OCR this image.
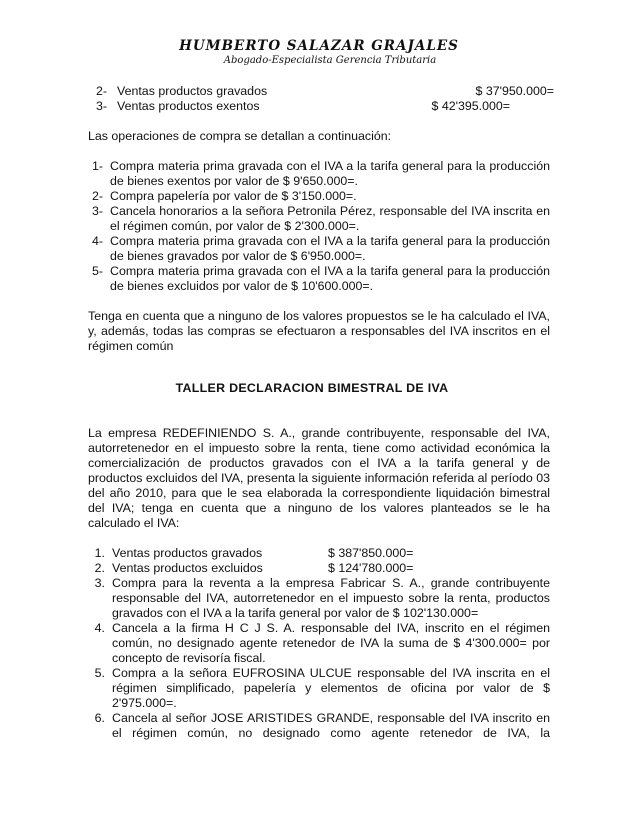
HUMBERTO SALAZAR GRAJALES
Abogado-Especialista Gerencia Tributaria
2- Ventas productos gravados	$ 37'950.000=
3- Ventas productos exentos	$ 42'395.000=

Las operaciones de compra se detallan a continuación:

1- Compra materia prima gravada con el IVA a la tarifa general para la producción de bienes exentos por valor de $ 9'650.000=.
2- Compra papelería por valor de $ 3'150.000=.
3- Cancela honorarios a la señora Petronila Pérez, responsable del IVA inscrita en el régimen común, por valor de $ 2'300.000=.
4- Compra materia prima gravada con el IVA a la tarifa general para la producción de bienes gravados por valor de $ 6'950.000=.
5- Compra materia prima gravada con el IVA a la tarifa general para la producción de bienes excluidos por valor de $ 10'600.000=.

Tenga en cuenta que a ninguno de los valores propuestos se le ha calculado el IVA, y, además, todas las compras se efectuaron a responsables del IVA inscritos en el régimen común

TALLER DECLARACION BIMESTRAL DE IVA

La empresa REDEFINIENDO S. A., grande contribuyente, responsable del IVA, autorretenedor en el impuesto sobre la renta, tiene como actividad económica la comercialización de productos gravados con el IVA a la tarifa general y de productos excluidos del IVA, presenta la siguiente información referida al período 03 del año 2010, para que le sea elaborada la correspondiente liquidación bimestral del IVA; tenga en cuenta que a ninguno de los valores planteados se le ha calculado el IVA:

1. Ventas productos gravados	$ 387'850.000=
2. Ventas productos excluidos	$ 124'780.000=
3. Compra para la reventa a la empresa Fabricar S. A., grande contribuyente responsable del IVA, autorretenedor en el impuesto sobre la renta, productos gravados con el IVA a la tarifa general por valor de $ 102'130.000=
4. Cancela a la firma H C J S. A. responsable del IVA, inscrito en el régimen común, no designado agente retenedor de IVA la suma de $ 4'300.000= por concepto de revisoría fiscal.
5. Compra a la señora EUFROSINA ULCUE responsable del IVA inscrita en el régimen simplificado, papelería y elementos de oficina por valor de $ 2'975.000=.
6. Cancela al señor JOSE ARISTIDES GRANDE, responsable del IVA inscrito en el régimen común, no designado como agente retenedor de IVA, la
